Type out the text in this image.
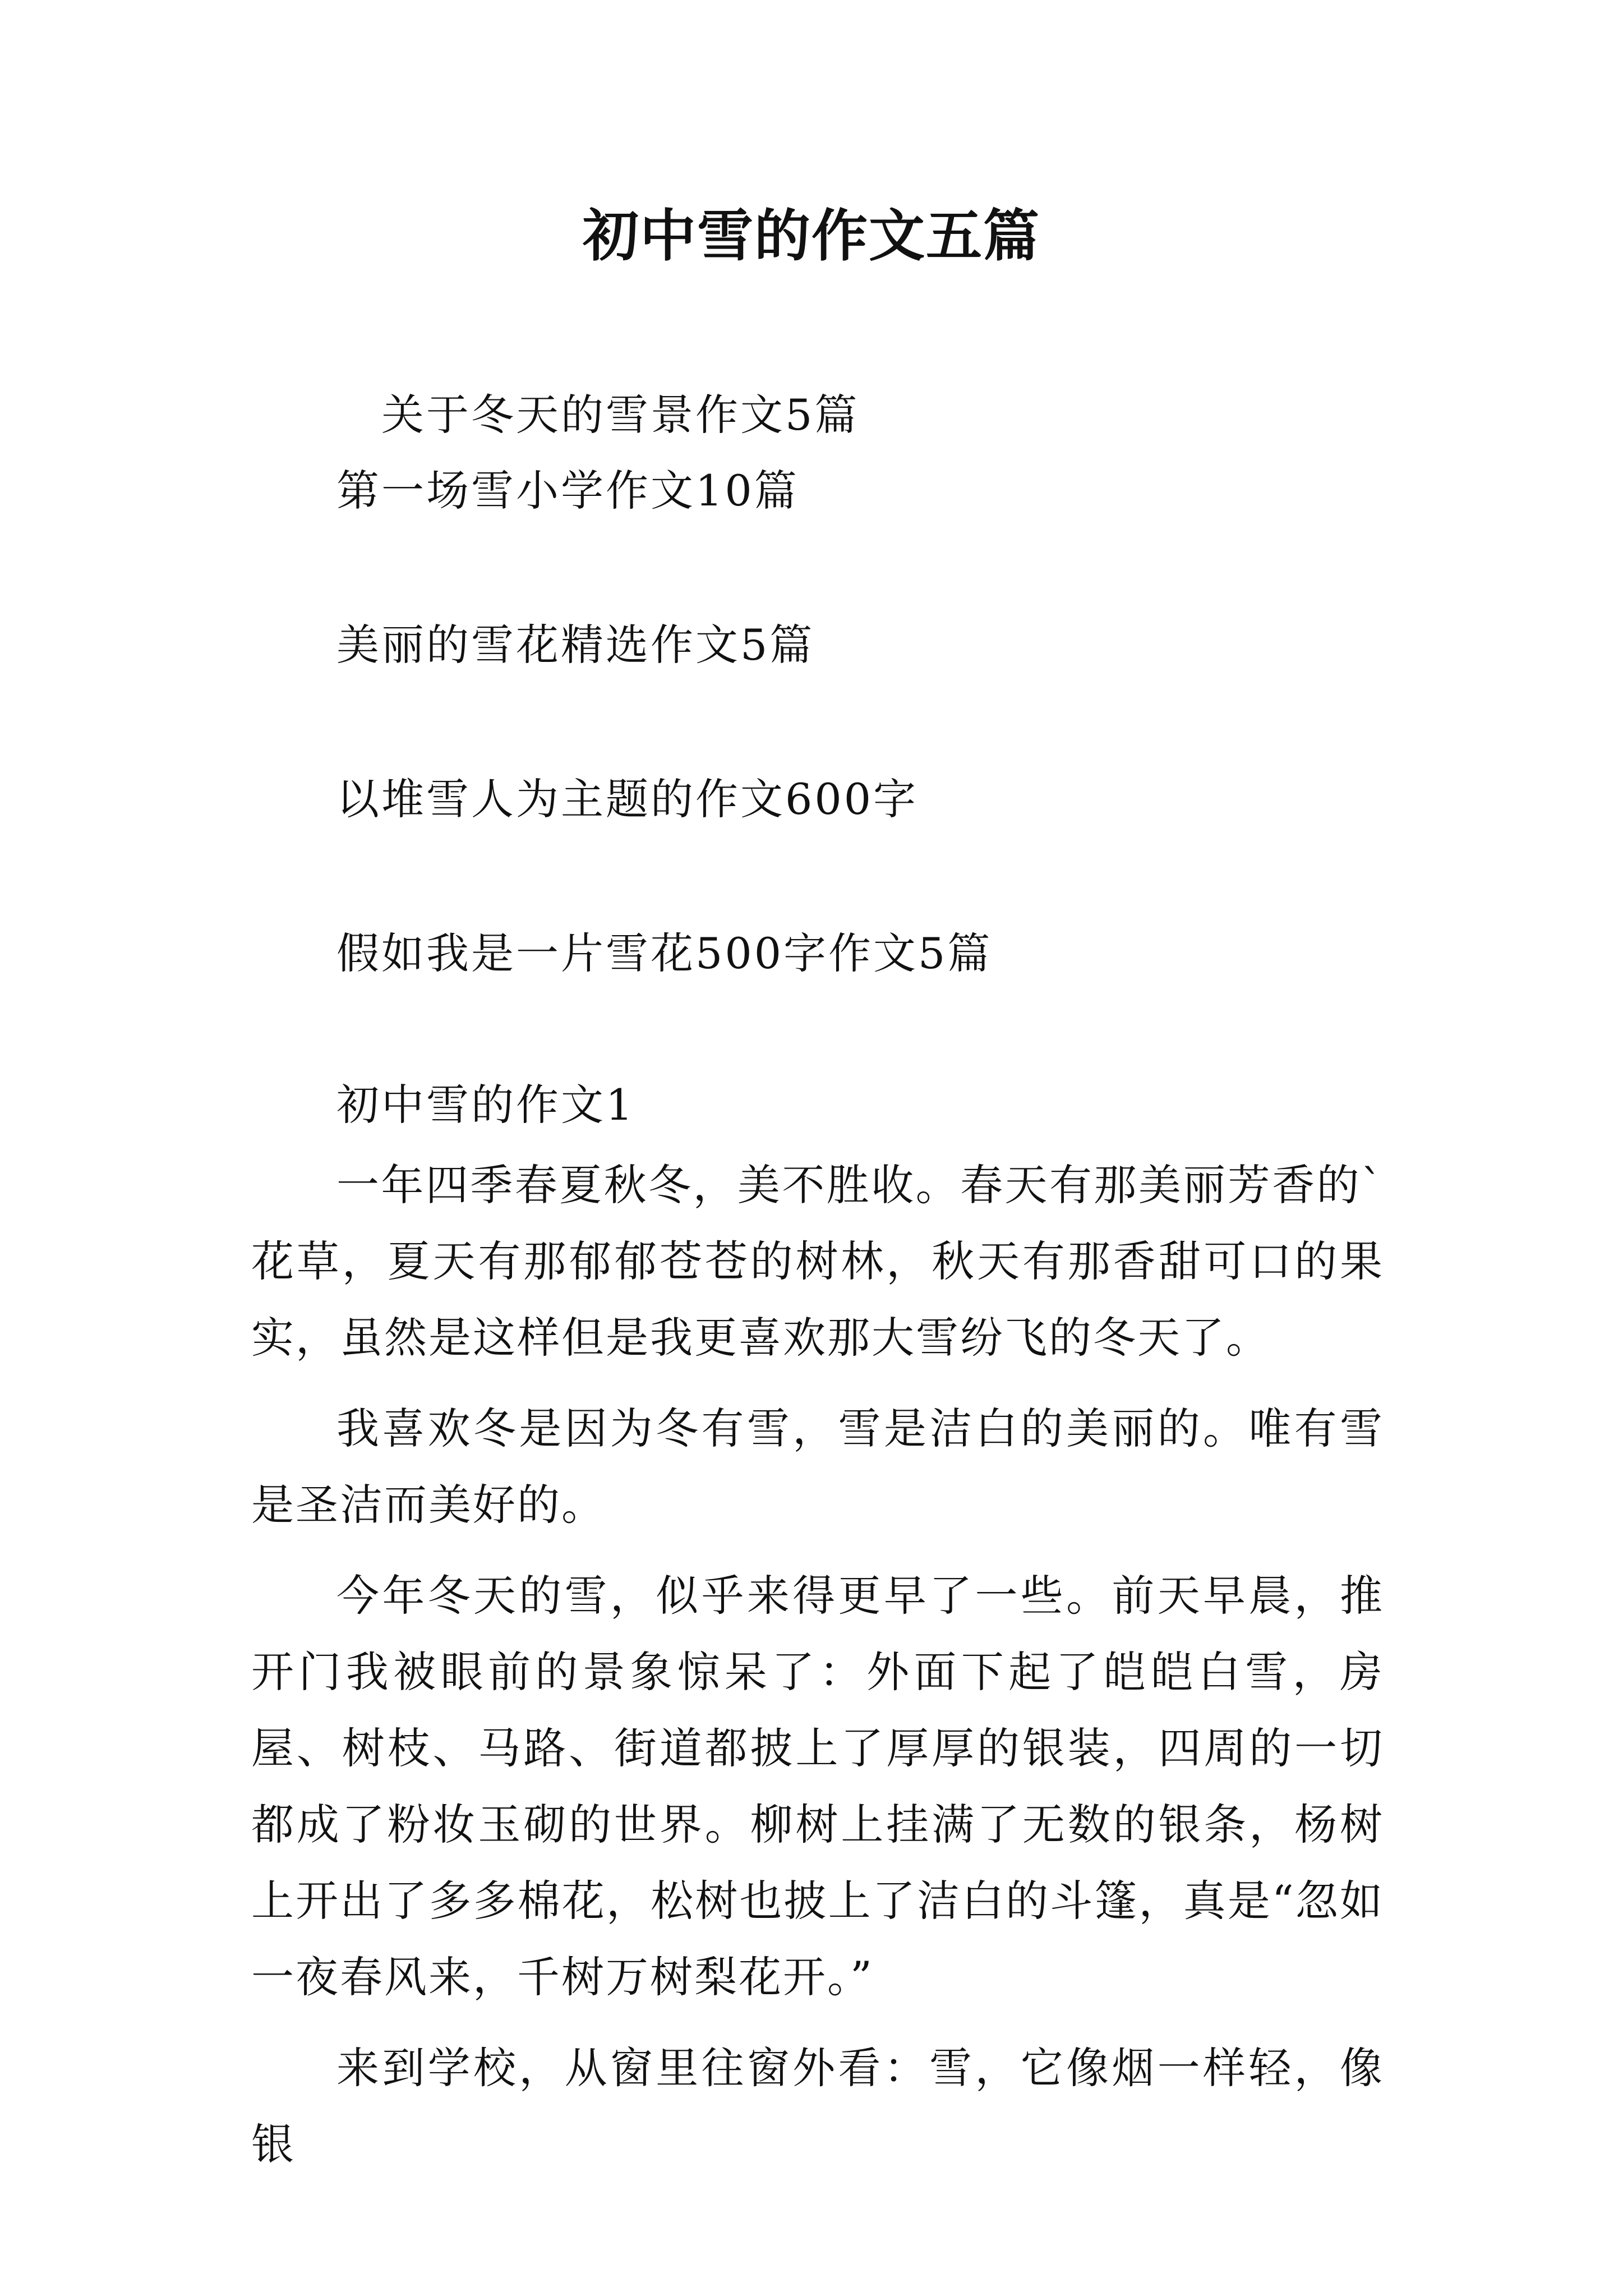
初中雪的作文五篇
关于冬天的雪景作文5篇
第一场雪小学作文10篇
美丽的雪花精选作文5篇
以堆雪人为主题的作文600字
假如我是一片雪花500字作文5篇
初中雪的作文1

一年四季春夏秋冬，美不胜收。春天有那美丽芳香的`花草，夏天有那郁郁苍苍的树林，秋天有那香甜可口的果实，虽然是这样但是我更喜欢那大雪纷飞的冬天了。

我喜欢冬是因为冬有雪，雪是洁白的美丽的。唯有雪是圣洁而美好的。

今年冬天的雪，似乎来得更早了一些。前天早晨，推开门我被眼前的景象惊呆了：外面下起了皑皑白雪，房屋、树枝、马路、街道都披上了厚厚的银装，四周的一切都成了粉妆玉砌的世界。柳树上挂满了无数的银条，杨树上开出了多多棉花，松树也披上了洁白的斗篷，真是“忽如一夜春风来，千树万树梨花开。”

来到学校，从窗里往窗外看：雪，它像烟一样轻，像银
